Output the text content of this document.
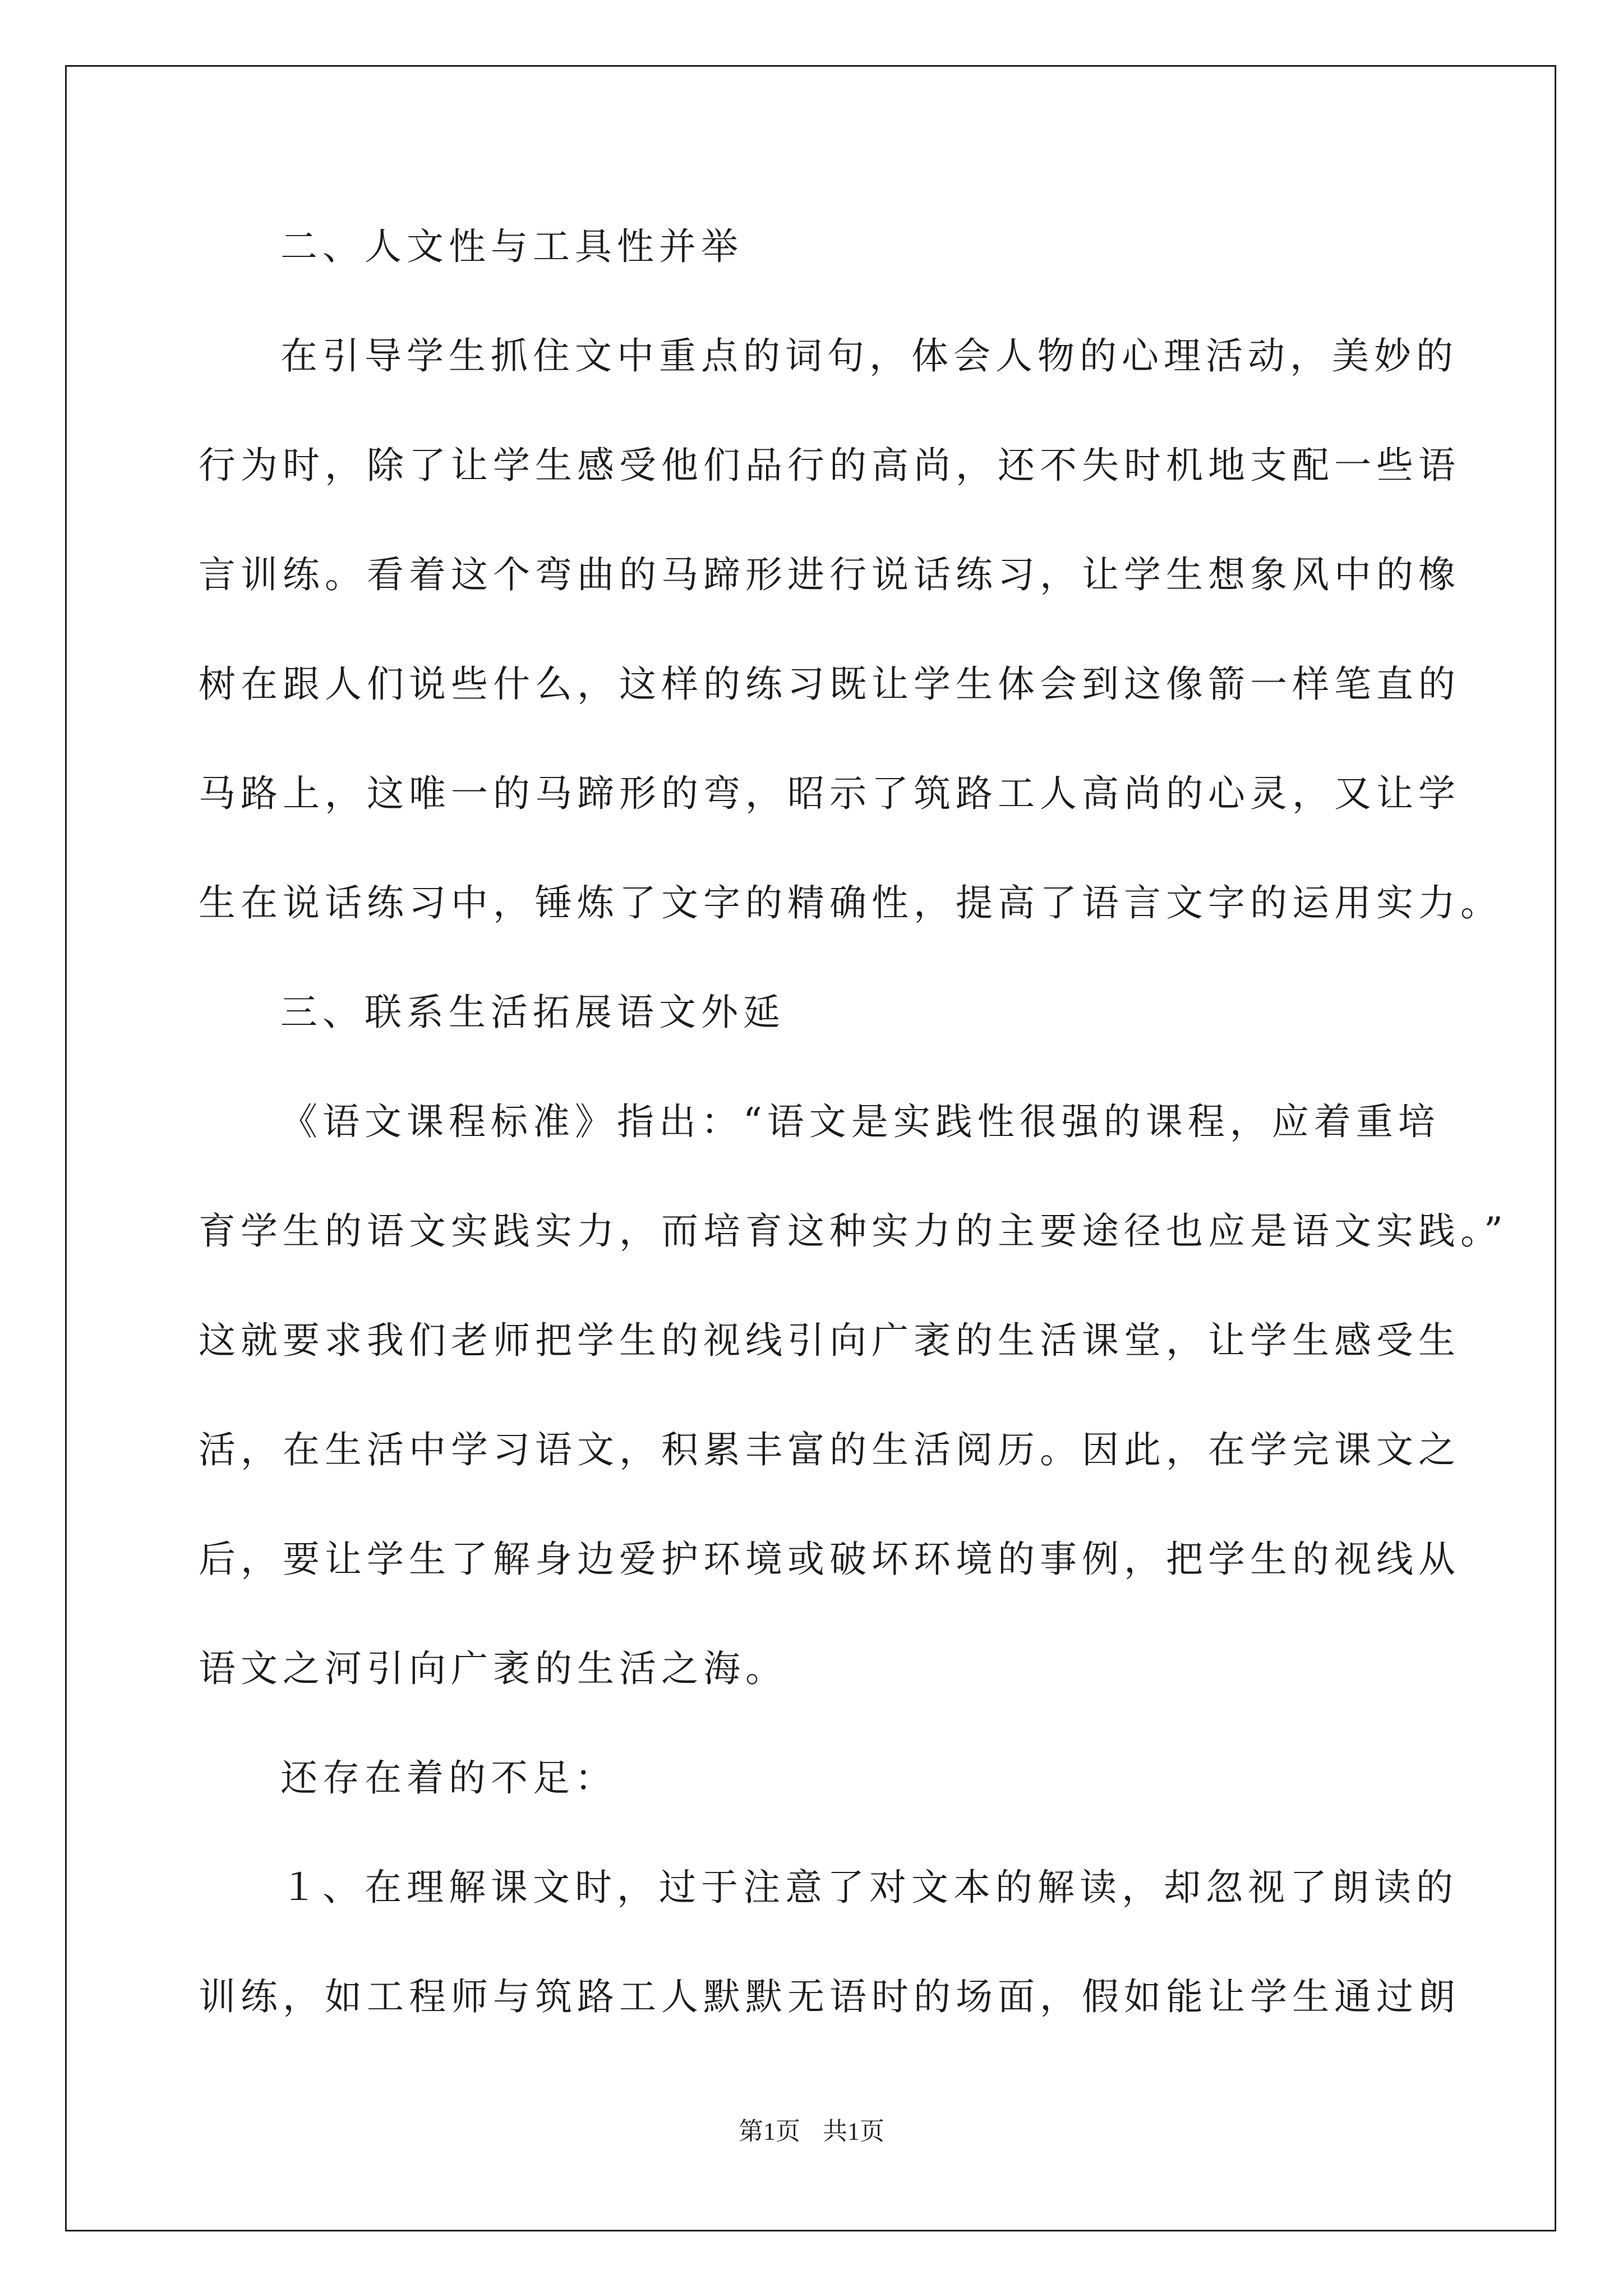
二、人文性与工具性并举
在引导学生抓住文中重点的词句，体会人物的心理活动，美妙的
行为时，除了让学生感受他们品行的高尚，还不失时机地支配一些语
言训练。看着这个弯曲的马蹄形进行说话练习，让学生想象风中的橡
树在跟人们说些什么，这样的练习既让学生体会到这像箭一样笔直的
马路上，这唯一的马蹄形的弯，昭示了筑路工人高尚的心灵，又让学
生在说话练习中，锤炼了文字的精确性，提高了语言文字的运用实力。
三、联系生活拓展语文外延
《语文课程标准》指出：“语文是实践性很强的课程，应着重培
育学生的语文实践实力，而培育这种实力的主要途径也应是语文实践。”
这就要求我们老师把学生的视线引向广袤的生活课堂，让学生感受生
活，在生活中学习语文，积累丰富的生活阅历。因此，在学完课文之
后，要让学生了解身边爱护环境或破坏环境的事例，把学生的视线从
语文之河引向广袤的生活之海。
还存在着的不足：
１、在理解课文时，过于注意了对文本的解读，却忽视了朗读的
训练，如工程师与筑路工人默默无语时的场面，假如能让学生通过朗
第1页 共1页
